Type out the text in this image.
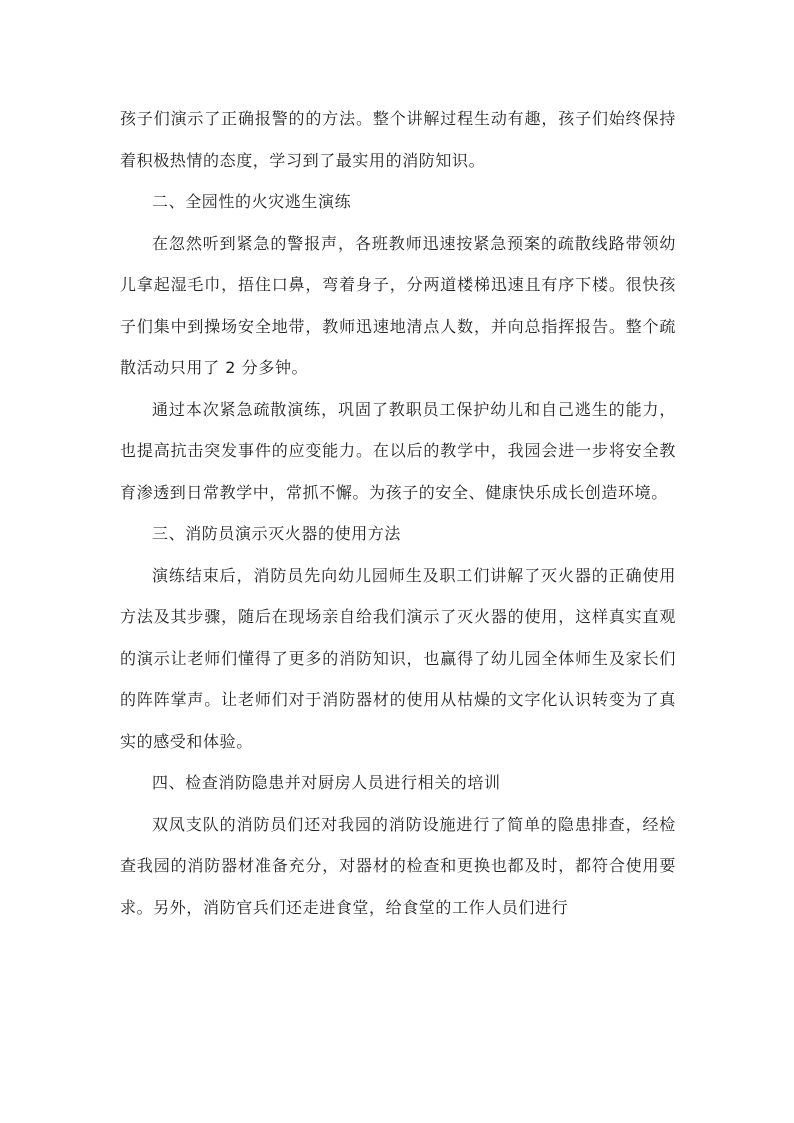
孩子们演示了正确报警的的方法。整个讲解过程生动有趣，孩子们始终保持着积极热情的态度，学习到了最实用的消防知识。

二、全园性的火灾逃生演练

在忽然听到紧急的警报声，各班教师迅速按紧急预案的疏散线路带领幼儿拿起湿毛巾，捂住口鼻，弯着身子，分两道楼梯迅速且有序下楼。很快孩子们集中到操场安全地带，教师迅速地清点人数，并向总指挥报告。整个疏散活动只用了 2 分多钟。

通过本次紧急疏散演练，巩固了教职员工保护幼儿和自己逃生的能力，也提高抗击突发事件的应变能力。在以后的教学中，我园会进一步将安全教育渗透到日常教学中，常抓不懈。为孩子的安全、健康快乐成长创造环境。

三、消防员演示灭火器的使用方法

演练结束后，消防员先向幼儿园师生及职工们讲解了灭火器的正确使用方法及其步骤，随后在现场亲自给我们演示了灭火器的使用，这样真实直观的演示让老师们懂得了更多的消防知识，也赢得了幼儿园全体师生及家长们的阵阵掌声。让老师们对于消防器材的使用从枯燥的文字化认识转变为了真实的感受和体验。

四、检查消防隐患并对厨房人员进行相关的培训

双凤支队的消防员们还对我园的消防设施进行了简单的隐患排查，经检查我园的消防器材准备充分，对器材的检查和更换也都及时，都符合使用要求。另外，消防官兵们还走进食堂，给食堂的工作人员们进行
